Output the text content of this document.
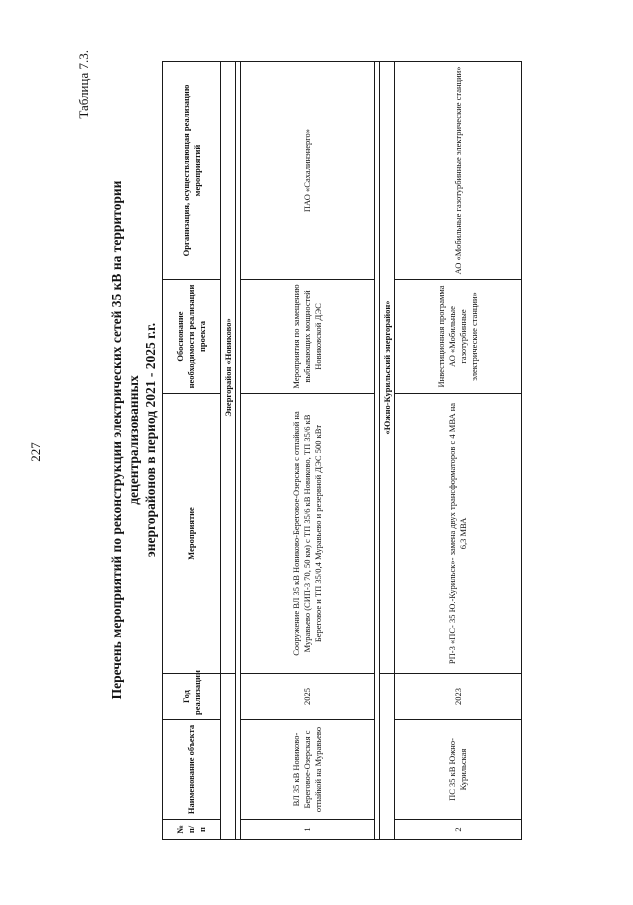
227
Таблица 7.3.
Перечень мероприятий по реконструкции электрических сетей 35 кВ на территории децентрализованных энергорайонов в период 2021 - 2025 г.г.
№ п/п	Наименование объекта	Год реализации	Мероприятие	Обоснование необходимости реализации проекта	Организация, осуществляющая реализацию мероприятий
			Энергорайон «Новиково»		

1	ВЛ 35 кВ Новиково-Береговое-Озерская с отпайкой на Муравьево	2025	Сооружение ВЛ 35 кВ Новиково-Береговое-Озерская с отпайкой на Муравьево (СИП-3 70, 50 км) с ТП 35/6 кВ Новиково, ТП 35/6 кВ Береговое и ТП 35/0,4 Муравьево и резервной ДЭС 500 кВт	Мероприятия по замещению выбывающих мощностей Новиковской ДЭС	ПАО «Сахалинэнерго»

			«Южно-Курильский энергорайон»		
2	ПС 35 кВ Южно-Курильская	2023	РП-3 «ПС- 35 Ю.-Курильск»- замена двух трансформаторов с 4 МВА на 6,3 МВА	Инвестиционная программа АО «Мобильные газотурбинные электрические станции»	АО «Мобильные газотурбинные электрические станции»
